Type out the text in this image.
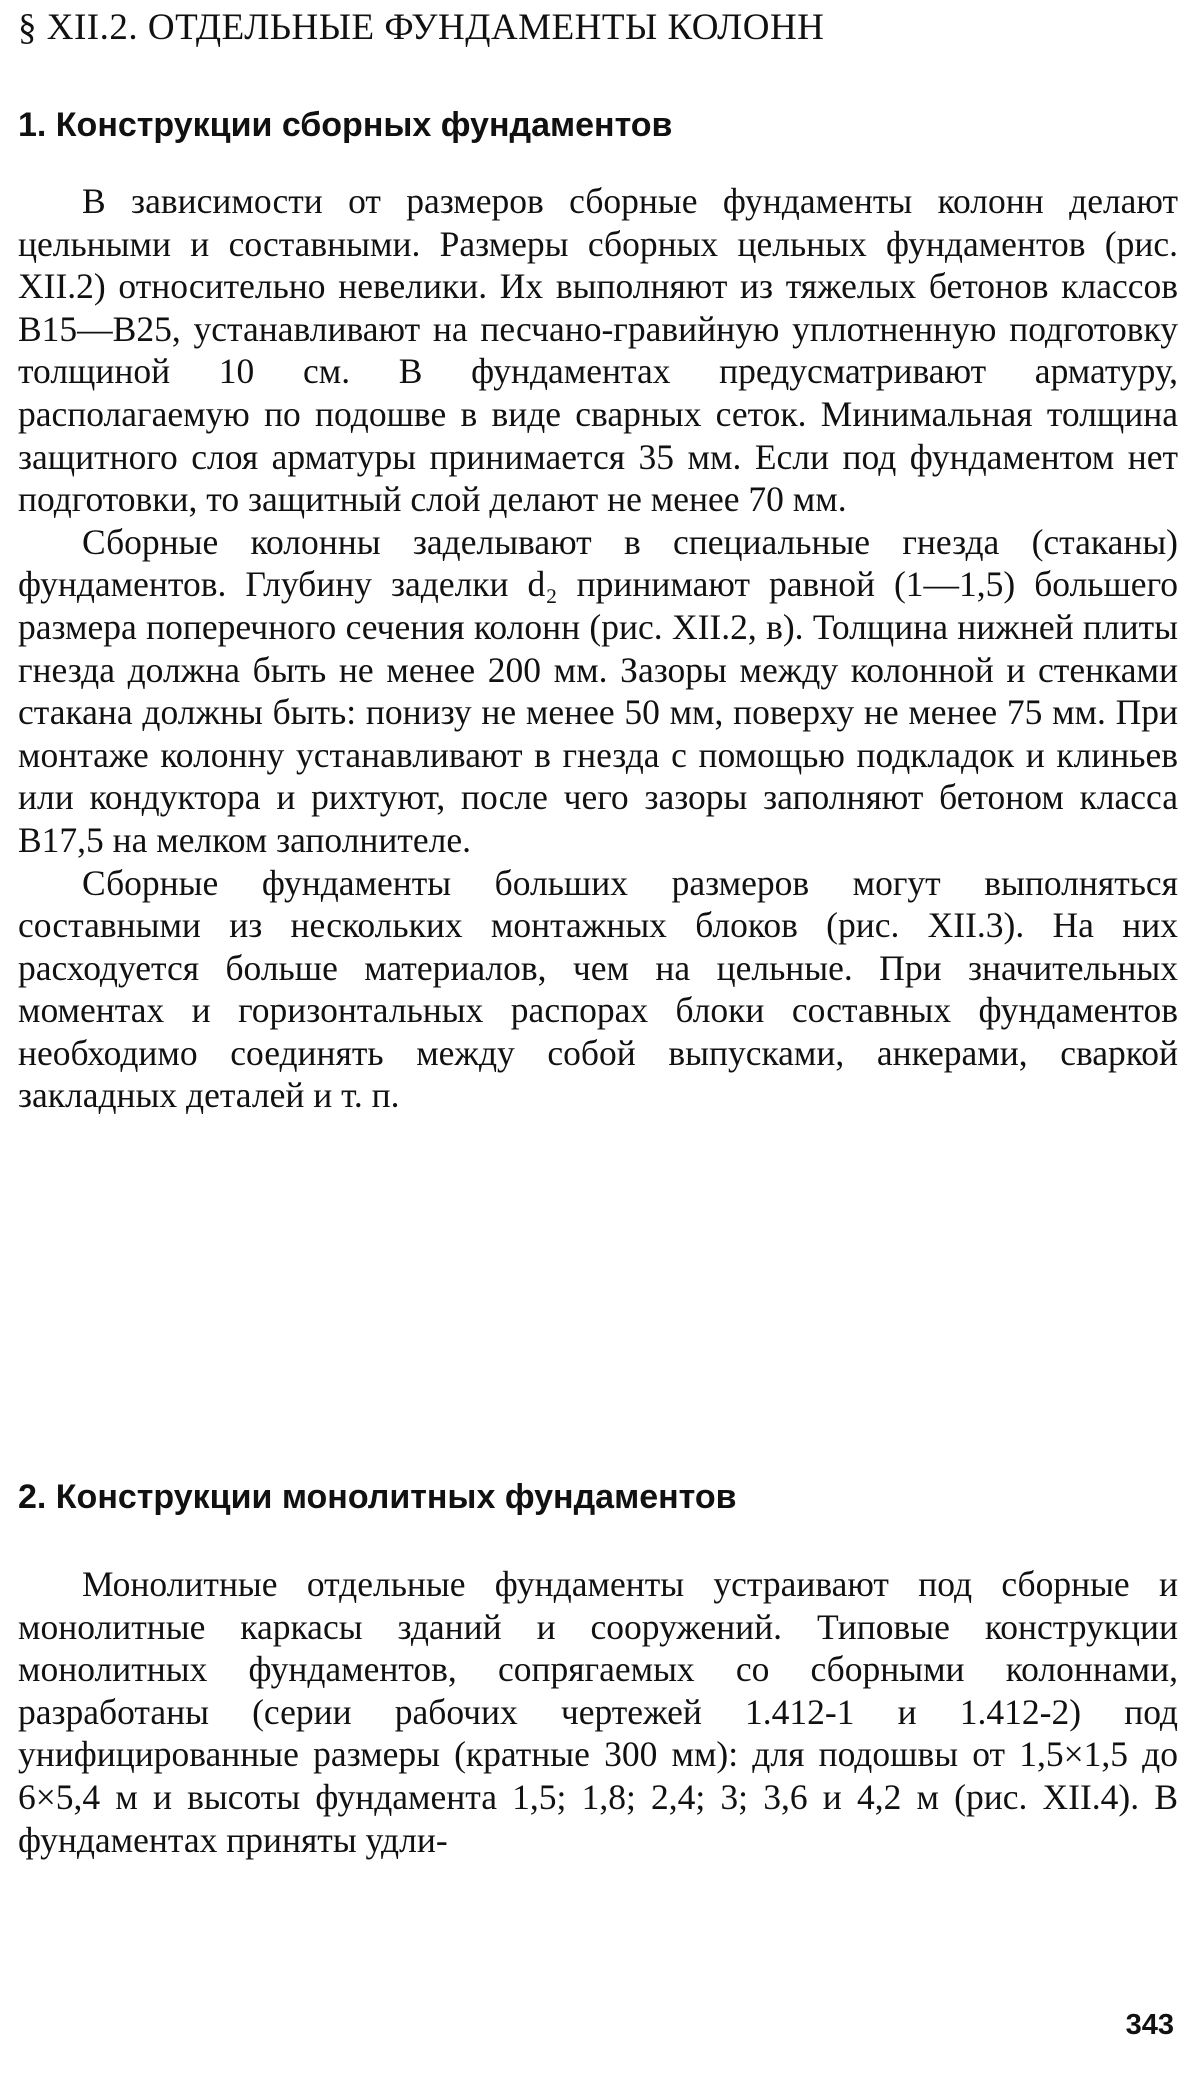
§ XII.2. ОТДЕЛЬНЫЕ ФУНДАМЕНТЫ КОЛОНН
1. Конструкции сборных фундаментов

В зависимости от размеров сборные фундаменты колонн делают цельными и составными. Размеры сборных цельных фундаментов (рис. XII.2) относительно невелики. Их выполняют из тяжелых бетонов классов В15—В25, устанавливают на песчано-гравийную уплотненную подготовку толщиной 10 см. В фундаментах предусматривают арматуру, располагаемую по подошве в виде сварных сеток. Минимальная толщина защитного слоя арматуры принимается 35 мм. Если под фундаментом нет подготовки, то защитный слой делают не менее 70 мм.

Сборные колонны заделывают в специальные гнезда (стаканы) фундаментов. Глубину заделки d₂ принимают равной (1—1,5) большего размера поперечного сечения колонн (рис. XII.2, в). Толщина нижней плиты гнезда должна быть не менее 200 мм. Зазоры между колонной и стенками стакана должны быть: понизу не менее 50 мм, поверху не менее 75 мм. При монтаже колонну устанавливают в гнезда с помощью подкладок и клиньев или кондуктора и рихтуют, после чего зазоры заполняют бетоном класса В17,5 на мелком заполнителе.

Сборные фундаменты больших размеров могут выполняться составными из нескольких монтажных блоков (рис. XII.3). На них расходуется больше материалов, чем на цельные. При значительных моментах и горизонтальных распорах блоки составных фундаментов необходимо соединять между собой выпусками, анкерами, сваркой закладных деталей и т. п.

2. Конструкции монолитных фундаментов

Монолитные отдельные фундаменты устраивают под сборные и монолитные каркасы зданий и сооружений. Типовые конструкции монолитных фундаментов, сопрягаемых со сборными колоннами, разработаны (серии рабочих чертежей 1.412-1 и 1.412-2) под унифицированные размеры (кратные 300 мм): для подошвы от 1,5×1,5 до 6×5,4 м и высоты фундамента 1,5; 1,8; 2,4; 3; 3,6 и 4,2 м (рис. XII.4). В фундаментах приняты удли-

343
